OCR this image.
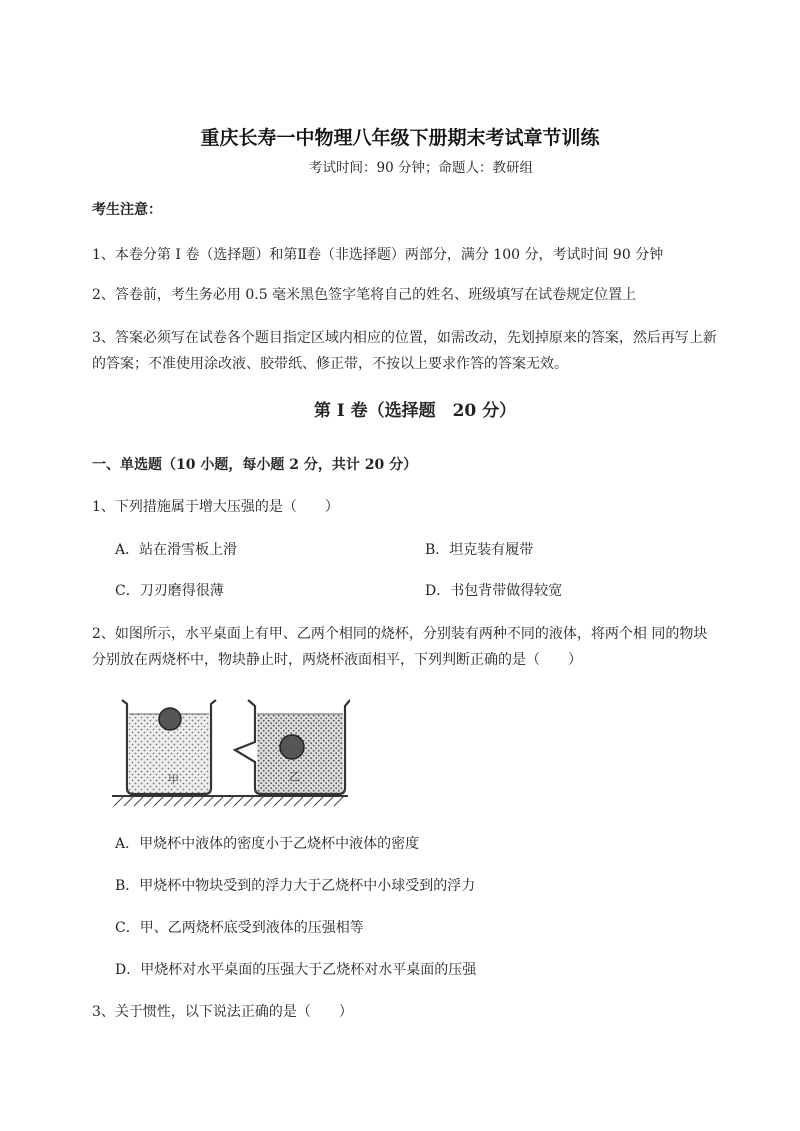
重庆长寿一中物理八年级下册期末考试章节训练
考试时间：90 分钟；命题人：教研组
考生注意：
1、本卷分第 I 卷（选择题）和第Ⅱ卷（非选择题）两部分，满分 100 分，考试时间 90 分钟
2、答卷前，考生务必用 0.5 毫米黑色签字笔将自己的姓名、班级填写在试卷规定位置上
3、答案必须写在试卷各个题目指定区域内相应的位置，如需改动，先划掉原来的答案，然后再写上新
的答案；不准使用涂改液、胶带纸、修正带，不按以上要求作答的答案无效。
第 I 卷（选择题　20 分）
一、单选题（10 小题，每小题 2 分，共计 20 分）
1、下列措施属于增大压强的是（　　）
A．站在滑雪板上滑	B．坦克装有履带
C．刀刃磨得很薄	D．书包背带做得较宽
2、如图所示，水平桌面上有甲、乙两个相同的烧杯，分别装有两种不同的液体，将两个相 同的物块
分别放在两烧杯中，物块静止时，两烧杯液面相平，下列判断正确的是（　　）
甲	乙
A．甲烧杯中液体的密度小于乙烧杯中液体的密度
B．甲烧杯中物块受到的浮力大于乙烧杯中小球受到的浮力
C．甲、乙两烧杯底受到液体的压强相等
D．甲烧杯对水平桌面的压强大于乙烧杯对水平桌面的压强
3、关于惯性，以下说法正确的是（　　）
